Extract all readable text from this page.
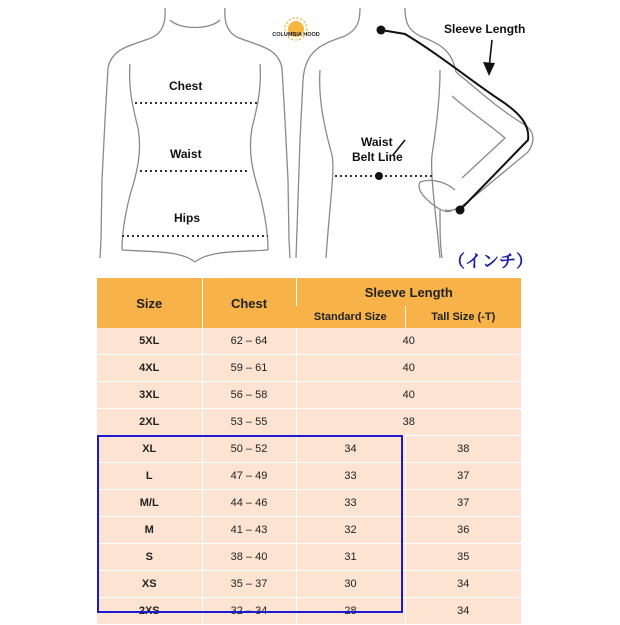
COLUMBIA HOOD
Chest
Waist
Hips
Sleeve Length
Waist
Belt Line
（インチ）
Size	Chest	Sleeve Length	
		Standard Size	Tall Size (-T)
5XL	62 – 64	40	
4XL	59 – 61	40	
3XL	56 – 58	40	
2XL	53 – 55	38	
XL	50 – 52	34	38
L	47 – 49	33	37
M/L	44 – 46	33	37
M	41 – 43	32	36
S	38 – 40	31	35
XS	35 – 37	30	34
2XS	32 – 34	28	34
